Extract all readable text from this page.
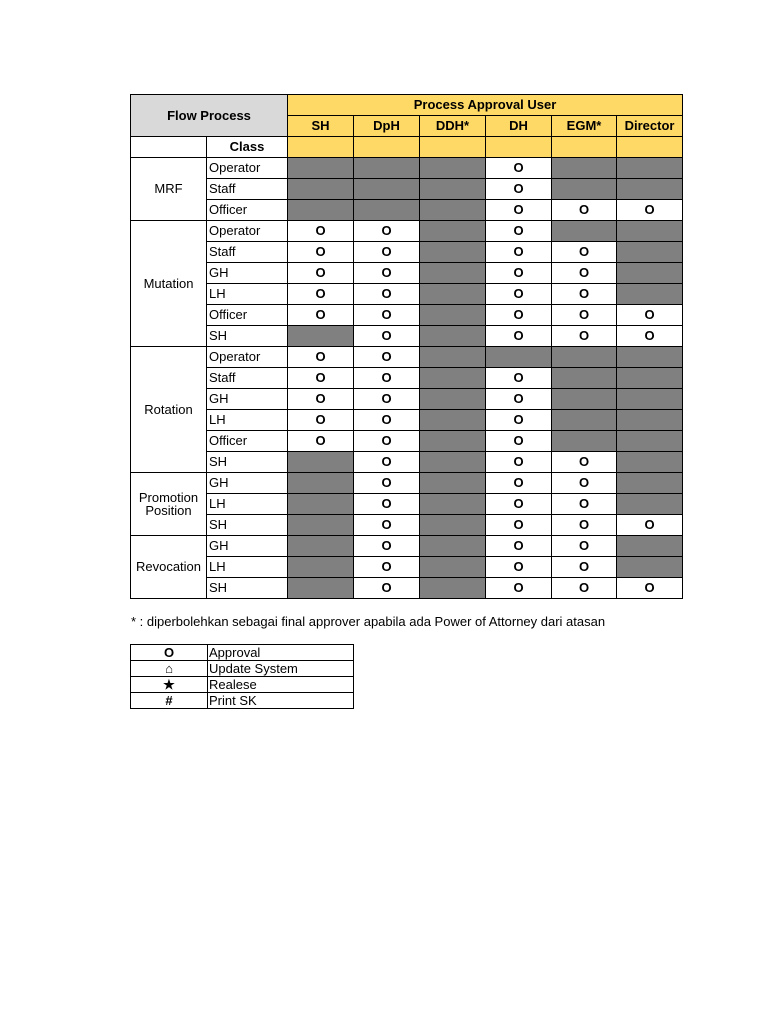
Flow Process		Process Approval User					
		SH	DpH	DDH*	DH	EGM*	Director
	Class						
MRF	Operator				O		
	Staff				O		
	Officer				O	O	O
Mutation	Operator	O	O		O		
	Staff	O	O		O	O	
	GH	O	O		O	O	
	LH	O	O		O	O	
	Officer	O	O		O	O	O
	SH		O		O	O	O
Rotation	Operator	O	O				
	Staff	O	O		O		
	GH	O	O		O		
	LH	O	O		O		
	Officer	O	O		O		
	SH		O		O	O	
Promotion Position	GH		O		O	O	
	LH		O		O	O	
	SH		O		O	O	O
Revocation	GH		O		O	O	
	LH		O		O	O	
	SH		O		O	O	O
* : diperbolehkan sebagai final approver apabila ada Power of Attorney dari atasan
O	Approval
⌂	Update System
★	Realese
#	Print SK
